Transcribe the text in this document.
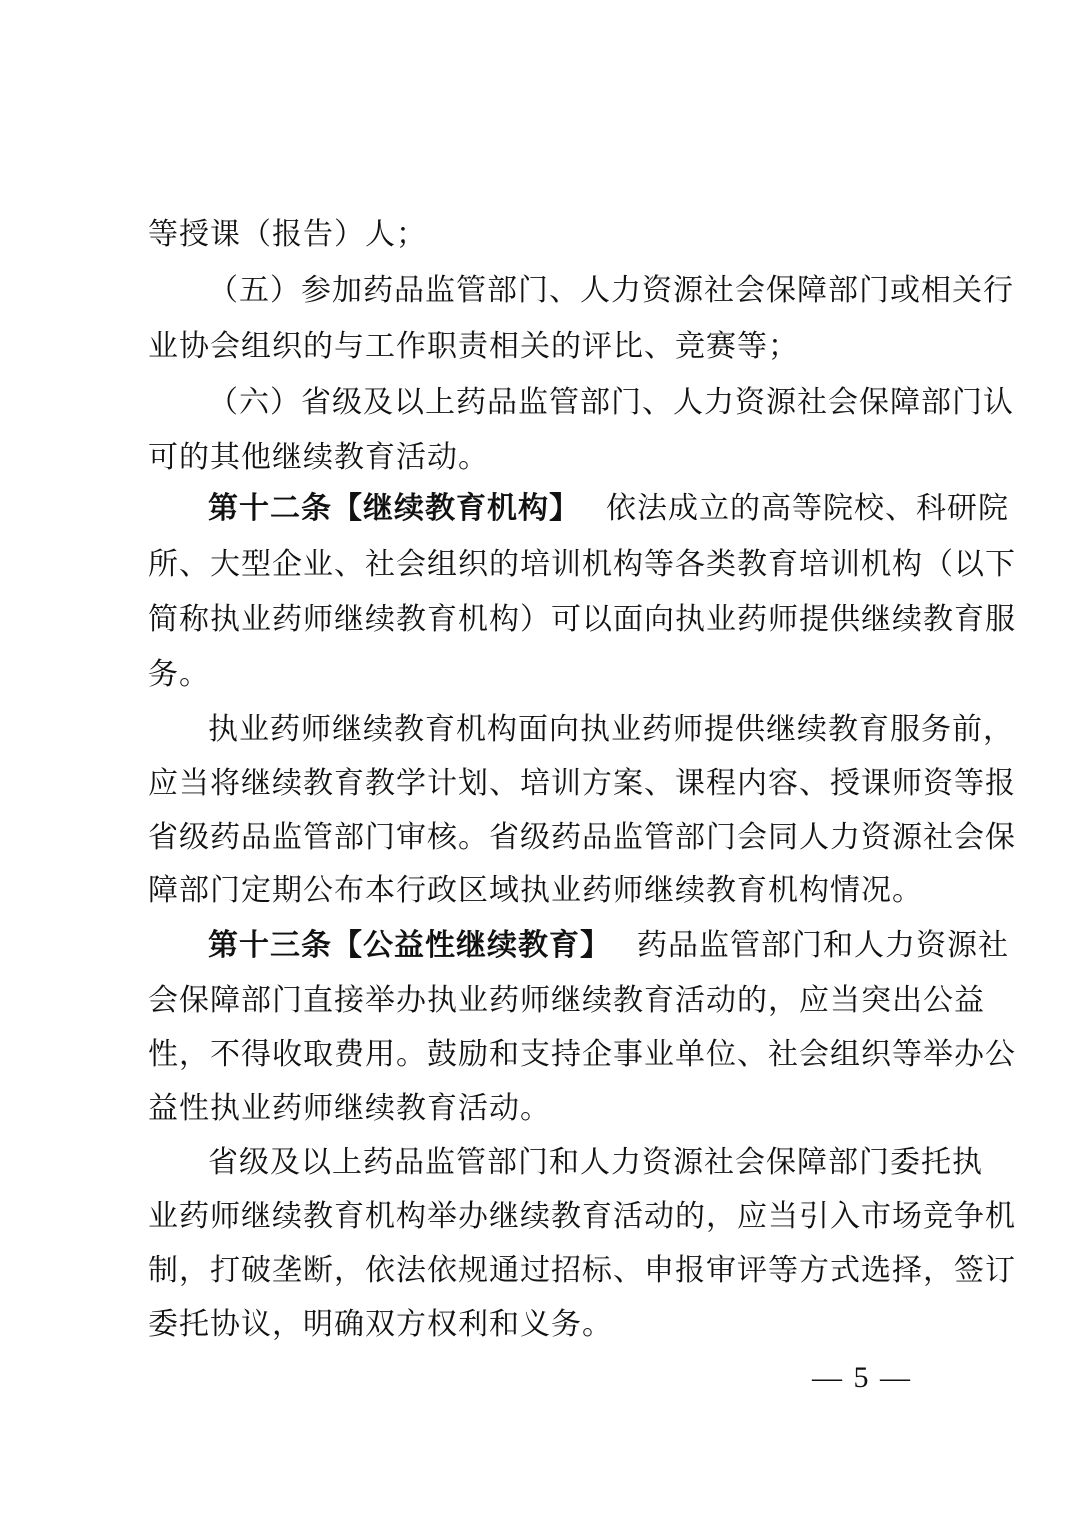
等授课（报告）人；
（五）参加药品监管部门、人力资源社会保障部门或相关行
业协会组织的与工作职责相关的评比、竞赛等；
（六）省级及以上药品监管部门、人力资源社会保障部门认
可的其他继续教育活动。
第十二条【继续教育机构】 依法成立的高等院校、科研院
所、大型企业、社会组织的培训机构等各类教育培训机构（以下
简称执业药师继续教育机构）可以面向执业药师提供继续教育服
务。
执业药师继续教育机构面向执业药师提供继续教育服务前，
应当将继续教育教学计划、培训方案、课程内容、授课师资等报
省级药品监管部门审核。省级药品监管部门会同人力资源社会保
障部门定期公布本行政区域执业药师继续教育机构情况。
第十三条【公益性继续教育】 药品监管部门和人力资源社
会保障部门直接举办执业药师继续教育活动的，应当突出公益
性，不得收取费用。鼓励和支持企事业单位、社会组织等举办公
益性执业药师继续教育活动。
省级及以上药品监管部门和人力资源社会保障部门委托执
业药师继续教育机构举办继续教育活动的，应当引入市场竞争机
制，打破垄断，依法依规通过招标、申报审评等方式选择，签订
委托协议，明确双方权利和义务。
— 5 —
